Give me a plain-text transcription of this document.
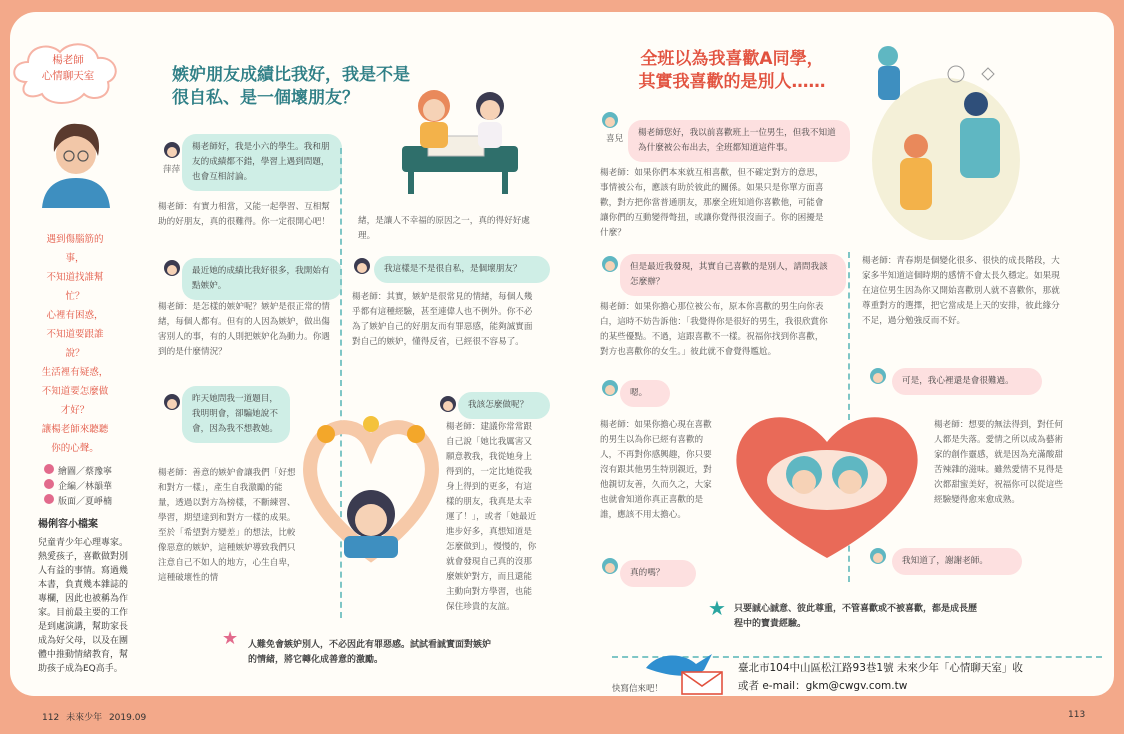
楊老師
心情聊天室
遇到傷腦筋的事，
不知道找誰幫忙？
心裡有困惑，
不知道要跟誰說？
生活裡有疑惑，
不知道要怎麼做才好？
讓楊老師來聽聽
你的心聲。
繪圖／蔡豫寧
企編／林韻華
版面／夏崢楠
楊俐容小檔案
兒童青少年心理專家。熱愛孩子，喜歡做對別人有益的事情。寫過幾本書，負責幾本雜誌的專欄，因此也被稱為作家。目前最主要的工作是到處演講，幫助家長成為好父母，以及在團體中推動情緒教育，幫助孩子成為EQ高手。
嫉妒朋友成績比我好，我是不是
很自私、是一個壞朋友？
萍萍
楊老師好，我是小六的學生。我和朋友的成績都不錯，學習上遇到問題，也會互相討論。
楊老師：有實力相當，又能一起學習、互相幫助的好朋友，真的很難得。你一定很開心吧！
最近她的成績比我好很多，我開始有點嫉妒。
楊老師：是怎樣的嫉妒呢？嫉妒是很正常的情緒，每個人都有。但有的人因為嫉妒，做出傷害別人的事，有的人則把嫉妒化為動力。你遇到的是什麼情況？
昨天她問我一道題目，我明明會，卻騙她說不會，因為我不想教她。
楊老師：善意的嫉妒會讓我們「好想和對方一樣」，產生自我激勵的能量，透過以對方為榜樣，不斷練習、學習，期望達到和對方一樣的成果。至於「希望對方變差」的想法，比較像惡意的嫉妒，這種嫉妒導致我們只注意自己不如人的地方，心生自卑，這種破壞性的情
緒，是讓人不幸福的原因之一，真的得好好處理。
我這樣是不是很自私，是個壞朋友？
楊老師：其實，嫉妒是很常見的情緒，每個人幾乎都有這種經驗，甚至連偉人也不例外。你不必為了嫉妒自己的好朋友而有罪惡感，能夠誠實面對自己的嫉妒，懂得反省，已經很不容易了。
我該怎麼做呢？
楊老師：建議你常常跟自己說「她比我厲害又願意教我，我從她身上得到的，一定比她從我身上得到的更多，有這樣的朋友，我真是太幸運了！」，或者「她最近進步好多，真想知道是怎麼做到」，慢慢的，你就會發現自己真的沒那麼嫉妒對方，而且還能主動向對方學習，也能保住珍貴的友誼。
★ 人難免會嫉妒別人，不必因此有罪惡感。試試看誠實面對嫉妒的情緒，將它轉化成善意的激勵。
112 未來少年 2019.09
全班以為我喜歡A同學，
其實我喜歡的是別人……
喜兒
楊老師您好，我以前喜歡班上一位男生，但我不知道為什麼被公布出去，全班都知道這件事。
楊老師：如果你們本來就互相喜歡，但不確定對方的意思，事情被公布，應該有助於彼此的關係。如果只是你單方面喜歡，對方把你當普通朋友，那麼全班知道你喜歡他，可能會讓你們的互動變得彆扭，或讓你覺得很沒面子。你的困擾是什麼？
但是最近我發現，其實自己喜歡的是別人，請問我該怎麼辦？
楊老師：如果你擔心那位被公布，原本你喜歡的男生向你表白，這時不妨告訴他：「我覺得你是很好的男生，我很欣賞你的某些優點。不過，這跟喜歡不一樣。祝福你找到你喜歡，對方也喜歡你的女生。」彼此就不會覺得尷尬。
嗯。
楊老師：如果你擔心現在喜歡的男生以為你已經有喜歡的人，不再對你感興趣，你只要沒有跟其他男生特別親近，對他親切友善，久而久之，大家也就會知道你真正喜歡的是誰，應該不用太擔心。
真的嗎？
楊老師：青春期是個變化很多、很快的成長階段，大家多半知道這個時期的感情不會太長久穩定。如果現在這位男生因為你又開始喜歡別人就不喜歡你，那就尊重對方的選擇，把它當成是上天的安排，彼此緣分不足，過分勉強反而不好。
可是，我心裡還是會很難過。
楊老師：想要的無法得到，對任何人都是失落。愛情之所以成為藝術家的創作靈感，就是因為充滿酸甜苦辣雜的滋味。雖然愛情不見得是次都甜蜜美好，祝福你可以從這些經驗變得愈來愈成熟。
我知道了，謝謝老師。
★ 只要誠心誠意、彼此尊重，不管喜歡或不被喜歡，都是成長歷程中的寶貴經驗。
快寫信來吧！
臺北市104中山區松江路93巷1號 未來少年「心情聊天室」收
或者 e-mail：gkm@cwgv.com.tw
113
